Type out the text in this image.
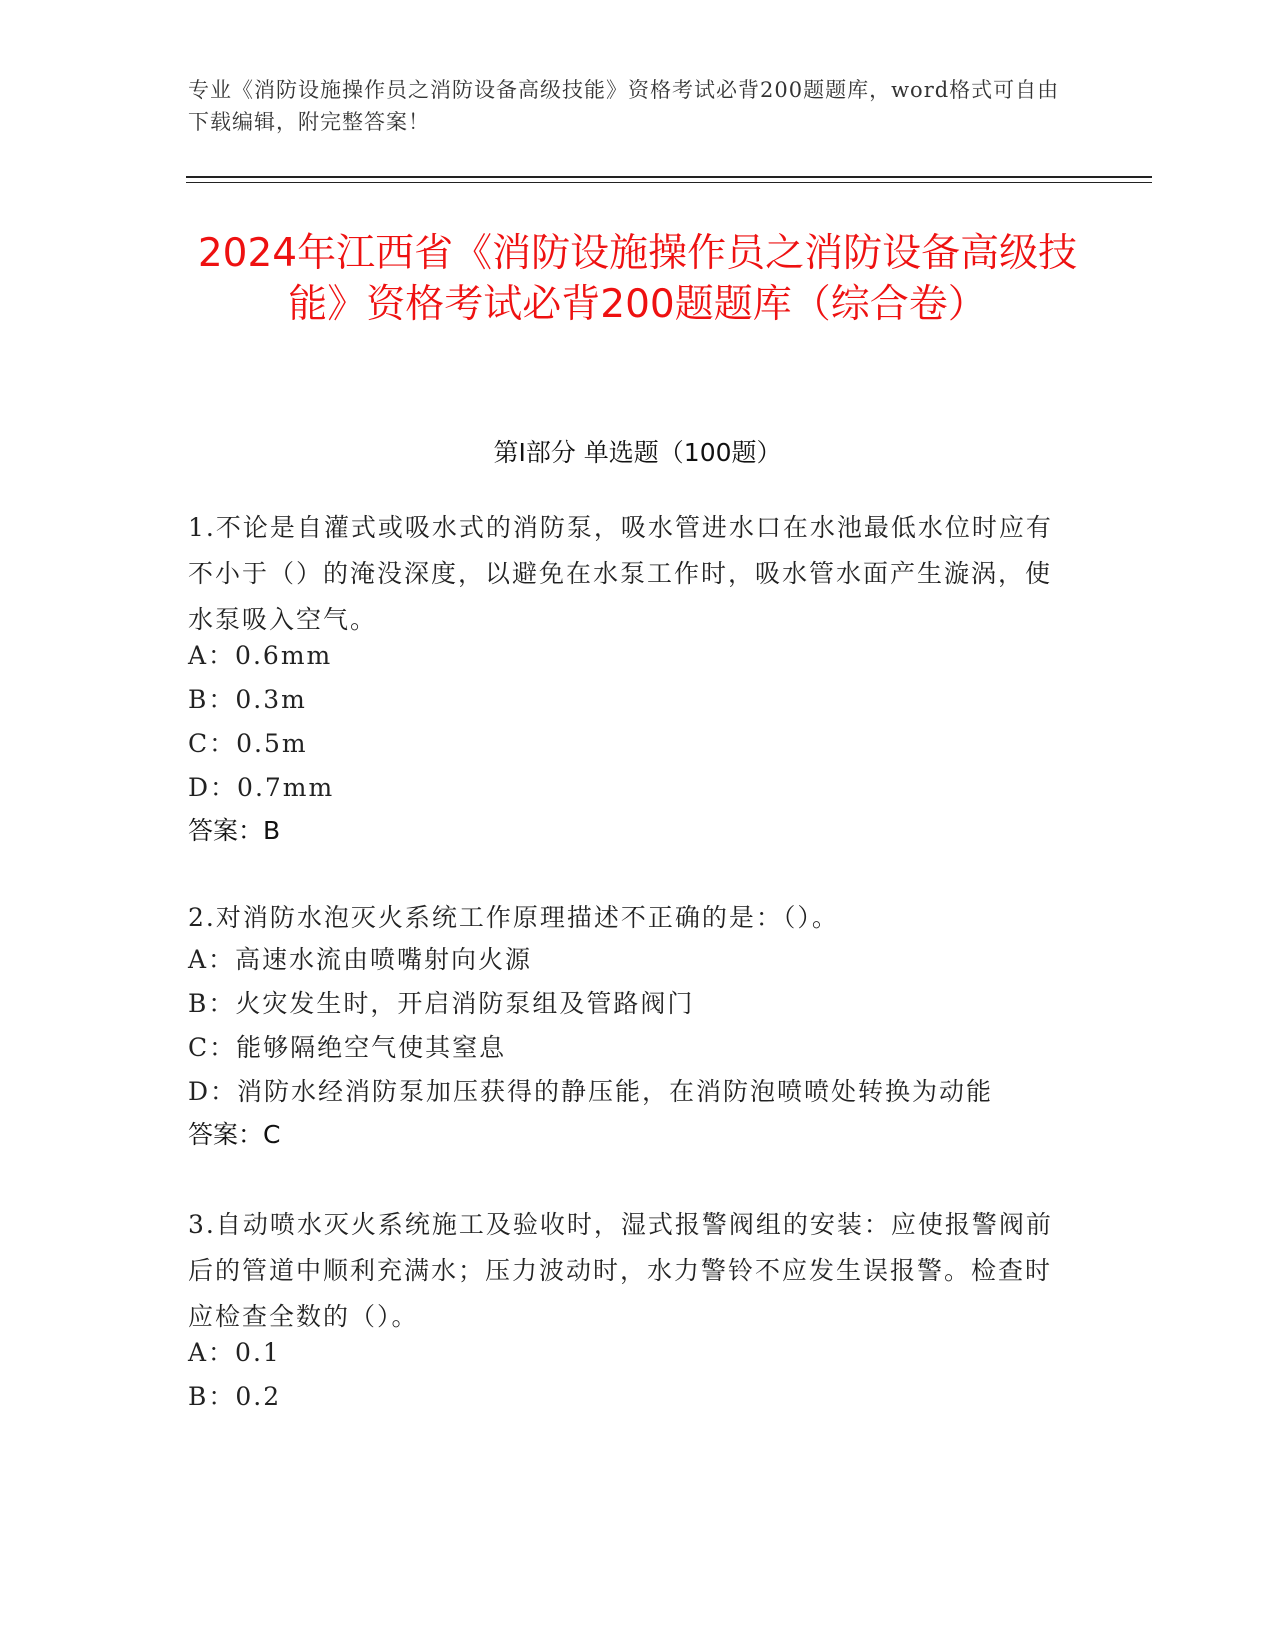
专业《消防设施操作员之消防设备高级技能》资格考试必背200题题库，word格式可自由下载编辑，附完整答案！
2024年江西省《消防设施操作员之消防设备高级技能》资格考试必背200题题库（综合卷）
第I部分 单选题（100题）
1.不论是自灌式或吸水式的消防泵，吸水管进水口在水池最低水位时应有不小于（）的淹没深度，以避免在水泵工作时，吸水管水面产生漩涡，使水泵吸入空气。
A：0.6mm
B：0.3m
C：0.5m
D：0.7mm
答案：B
2.对消防水泡灭火系统工作原理描述不正确的是：（）。
A：高速水流由喷嘴射向火源
B：火灾发生时，开启消防泵组及管路阀门
C：能够隔绝空气使其窒息
D：消防水经消防泵加压获得的静压能，在消防泡喷喷处转换为动能
答案：C
3.自动喷水灭火系统施工及验收时，湿式报警阀组的安装：应使报警阀前后的管道中顺利充满水；压力波动时，水力警铃不应发生误报警。检查时应检查全数的（）。
A：0.1
B：0.2
